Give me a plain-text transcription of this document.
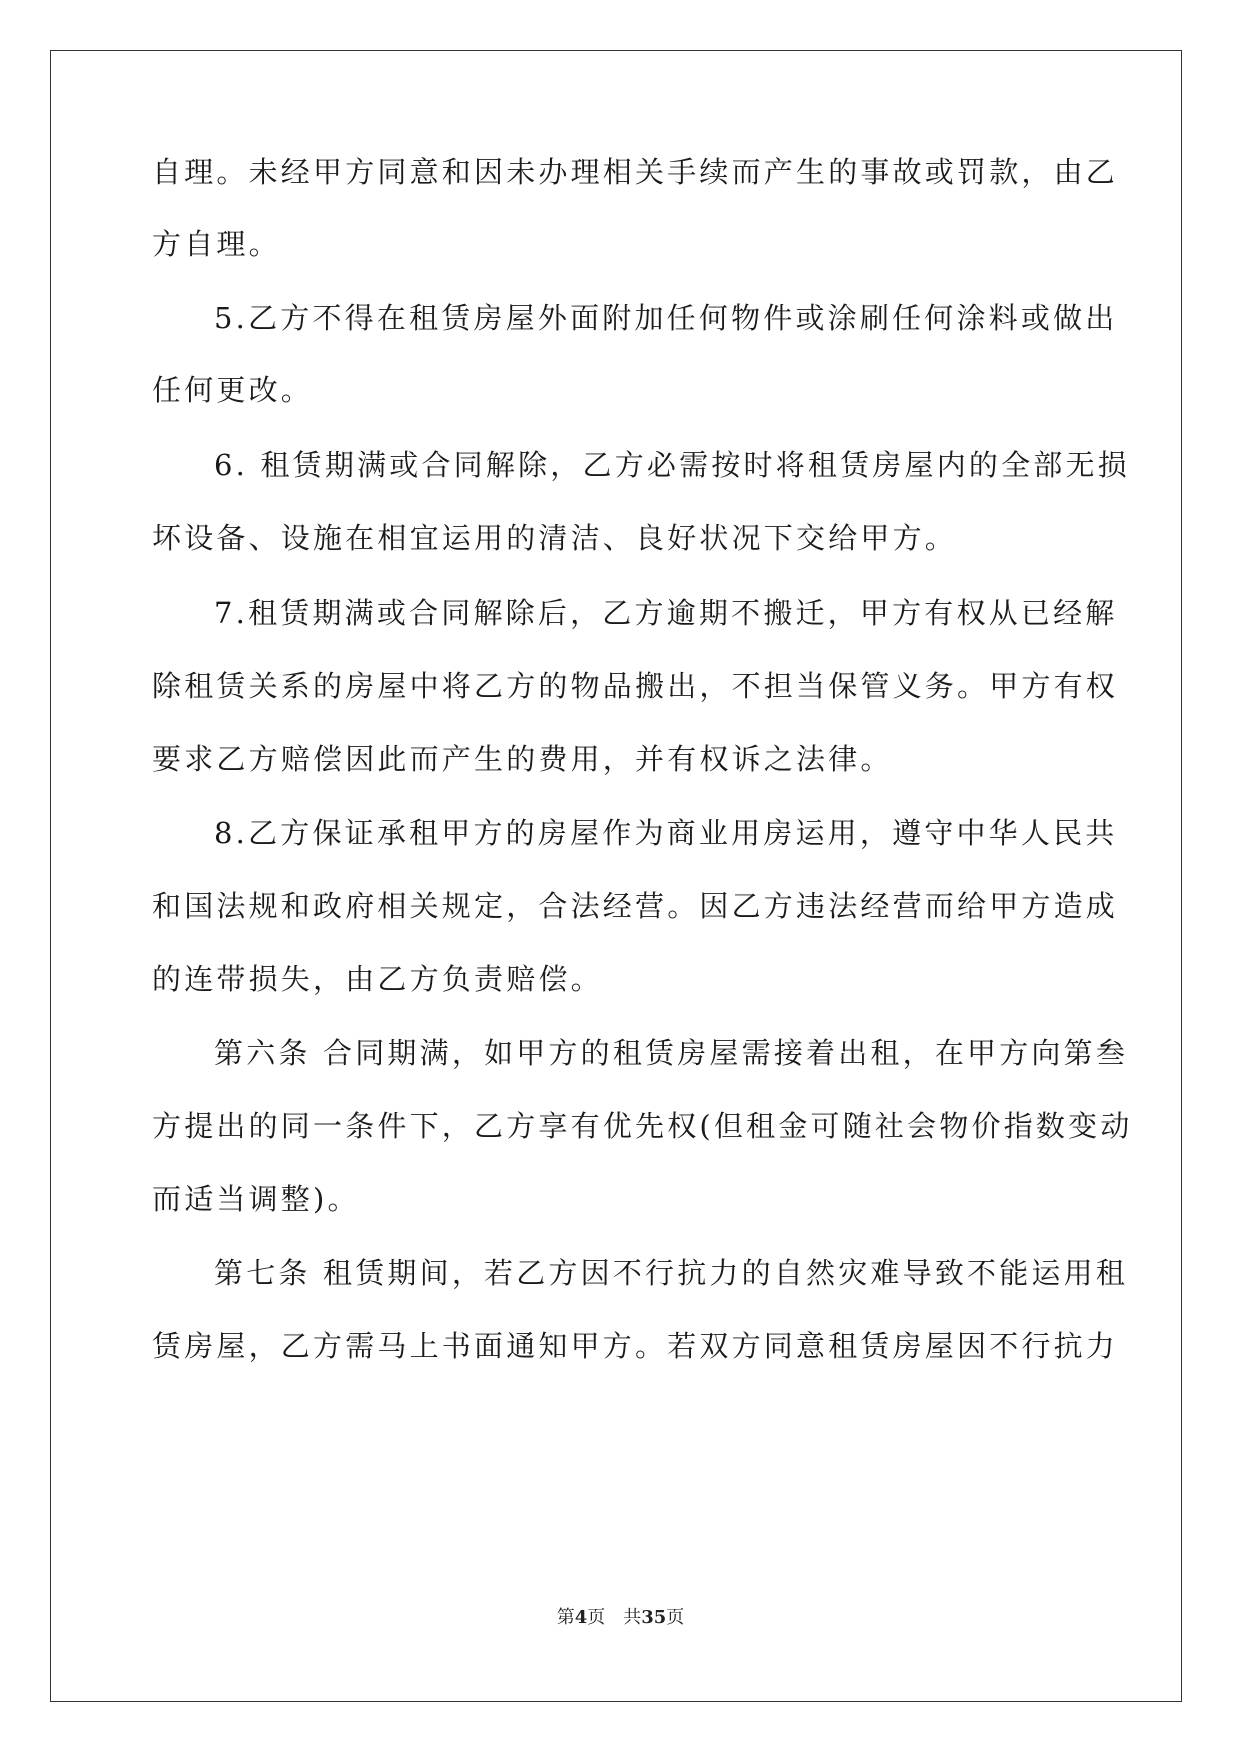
自理。未经甲方同意和因未办理相关手续而产生的事故或罚款，由乙
方自理。
5.乙方不得在租赁房屋外面附加任何物件或涂刷任何涂料或做出
任何更改。
6. 租赁期满或合同解除，乙方必需按时将租赁房屋内的全部无损
坏设备、设施在相宜运用的清洁、良好状况下交给甲方。
7.租赁期满或合同解除后，乙方逾期不搬迁，甲方有权从已经解
除租赁关系的房屋中将乙方的物品搬出，不担当保管义务。甲方有权
要求乙方赔偿因此而产生的费用，并有权诉之法律。
8.乙方保证承租甲方的房屋作为商业用房运用，遵守中华人民共
和国法规和政府相关规定，合法经营。因乙方违法经营而给甲方造成
的连带损失，由乙方负责赔偿。
第六条 合同期满，如甲方的租赁房屋需接着出租，在甲方向第叁
方提出的同一条件下，乙方享有优先权(但租金可随社会物价指数变动
而适当调整)。
第七条 租赁期间，若乙方因不行抗力的自然灾难导致不能运用租
赁房屋，乙方需马上书面通知甲方。若双方同意租赁房屋因不行抗力
第4页　共35页
